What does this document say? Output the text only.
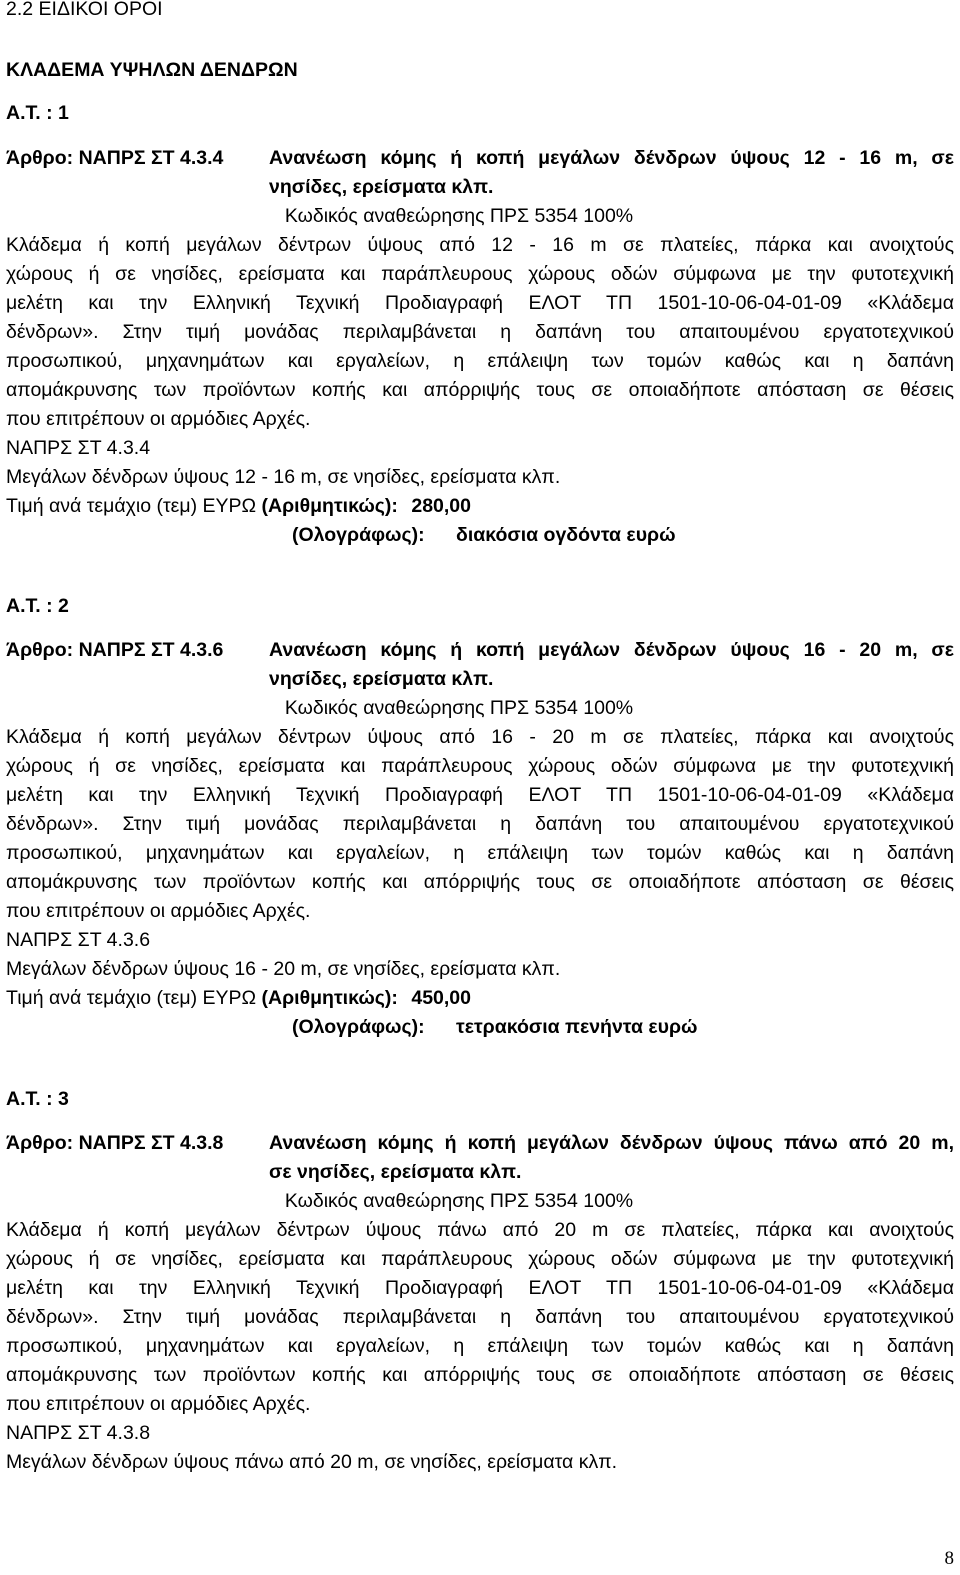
2.2 ΕΙΔΙΚΟΙ ΟΡΟΙ
ΚΛΑΔΕΜΑ ΥΨΗΛΩΝ ΔΕΝΔΡΩΝ
Α.Τ. : 1
Άρθρο: ΝΑΠΡΣ ΣΤ 4.3.4 Ανανέωση κόμης ή κοπή μεγάλων δένδρων ύψους 12 - 16 m, σε
νησίδες, ερείσματα κλπ.
Κωδικός αναθεώρησης ΠΡΣ 5354 100%
Κλάδεμα ή κοπή μεγάλων δέντρων ύψους από 12 - 16 m σε πλατείες, πάρκα και ανοιχτούς
χώρους ή σε νησίδες, ερείσματα και παράπλευρους χώρους οδών σύμφωνα με την φυτοτεχνική
μελέτη και την Ελληνική Τεχνική Προδιαγραφή ΕΛΟΤ ΤΠ 1501-10-06-04-01-09 «Κλάδεμα
δένδρων». Στην τιμή μονάδας περιλαμβάνεται η δαπάνη του απαιτουμένου εργατοτεχνικού
προσωπικού, μηχανημάτων και εργαλείων, η επάλειψη των τομών καθώς και η δαπάνη
απομάκρυνσης των προϊόντων κοπής και απόρριψής τους σε οποιαδήποτε απόσταση σε θέσεις
που επιτρέπουν οι αρμόδιες Αρχές.
ΝΑΠΡΣ ΣΤ 4.3.4
Μεγάλων δένδρων ύψους 12 - 16 m, σε νησίδες, ερείσματα κλπ.
Τιμή ανά τεμάχιο (τεμ) ΕΥΡΩ (Αριθμητικώς): 280,00
(Ολογράφως): διακόσια ογδόντα ευρώ
Α.Τ. : 2
Άρθρο: ΝΑΠΡΣ ΣΤ 4.3.6 Ανανέωση κόμης ή κοπή μεγάλων δένδρων ύψους 16 - 20 m, σε
νησίδες, ερείσματα κλπ.
Κωδικός αναθεώρησης ΠΡΣ 5354 100%
Κλάδεμα ή κοπή μεγάλων δέντρων ύψους από 16 - 20 m σε πλατείες, πάρκα και ανοιχτούς
χώρους ή σε νησίδες, ερείσματα και παράπλευρους χώρους οδών σύμφωνα με την φυτοτεχνική
μελέτη και την Ελληνική Τεχνική Προδιαγραφή ΕΛΟΤ ΤΠ 1501-10-06-04-01-09 «Κλάδεμα
δένδρων». Στην τιμή μονάδας περιλαμβάνεται η δαπάνη του απαιτουμένου εργατοτεχνικού
προσωπικού, μηχανημάτων και εργαλείων, η επάλειψη των τομών καθώς και η δαπάνη
απομάκρυνσης των προϊόντων κοπής και απόρριψής τους σε οποιαδήποτε απόσταση σε θέσεις
που επιτρέπουν οι αρμόδιες Αρχές.
ΝΑΠΡΣ ΣΤ 4.3.6
Μεγάλων δένδρων ύψους 16 - 20 m, σε νησίδες, ερείσματα κλπ.
Τιμή ανά τεμάχιο (τεμ) ΕΥΡΩ (Αριθμητικώς): 450,00
(Ολογράφως): τετρακόσια πενήντα ευρώ
Α.Τ. : 3
Άρθρο: ΝΑΠΡΣ ΣΤ 4.3.8 Ανανέωση κόμης ή κοπή μεγάλων δένδρων ύψους πάνω από 20 m,
σε νησίδες, ερείσματα κλπ.
Κωδικός αναθεώρησης ΠΡΣ 5354 100%
Κλάδεμα ή κοπή μεγάλων δέντρων ύψους πάνω από 20 m σε πλατείες, πάρκα και ανοιχτούς
χώρους ή σε νησίδες, ερείσματα και παράπλευρους χώρους οδών σύμφωνα με την φυτοτεχνική
μελέτη και την Ελληνική Τεχνική Προδιαγραφή ΕΛΟΤ ΤΠ 1501-10-06-04-01-09 «Κλάδεμα
δένδρων». Στην τιμή μονάδας περιλαμβάνεται η δαπάνη του απαιτουμένου εργατοτεχνικού
προσωπικού, μηχανημάτων και εργαλείων, η επάλειψη των τομών καθώς και η δαπάνη
απομάκρυνσης των προϊόντων κοπής και απόρριψής τους σε οποιαδήποτε απόσταση σε θέσεις
που επιτρέπουν οι αρμόδιες Αρχές.
ΝΑΠΡΣ ΣΤ 4.3.8
Μεγάλων δένδρων ύψους πάνω από 20 m, σε νησίδες, ερείσματα κλπ.
8
